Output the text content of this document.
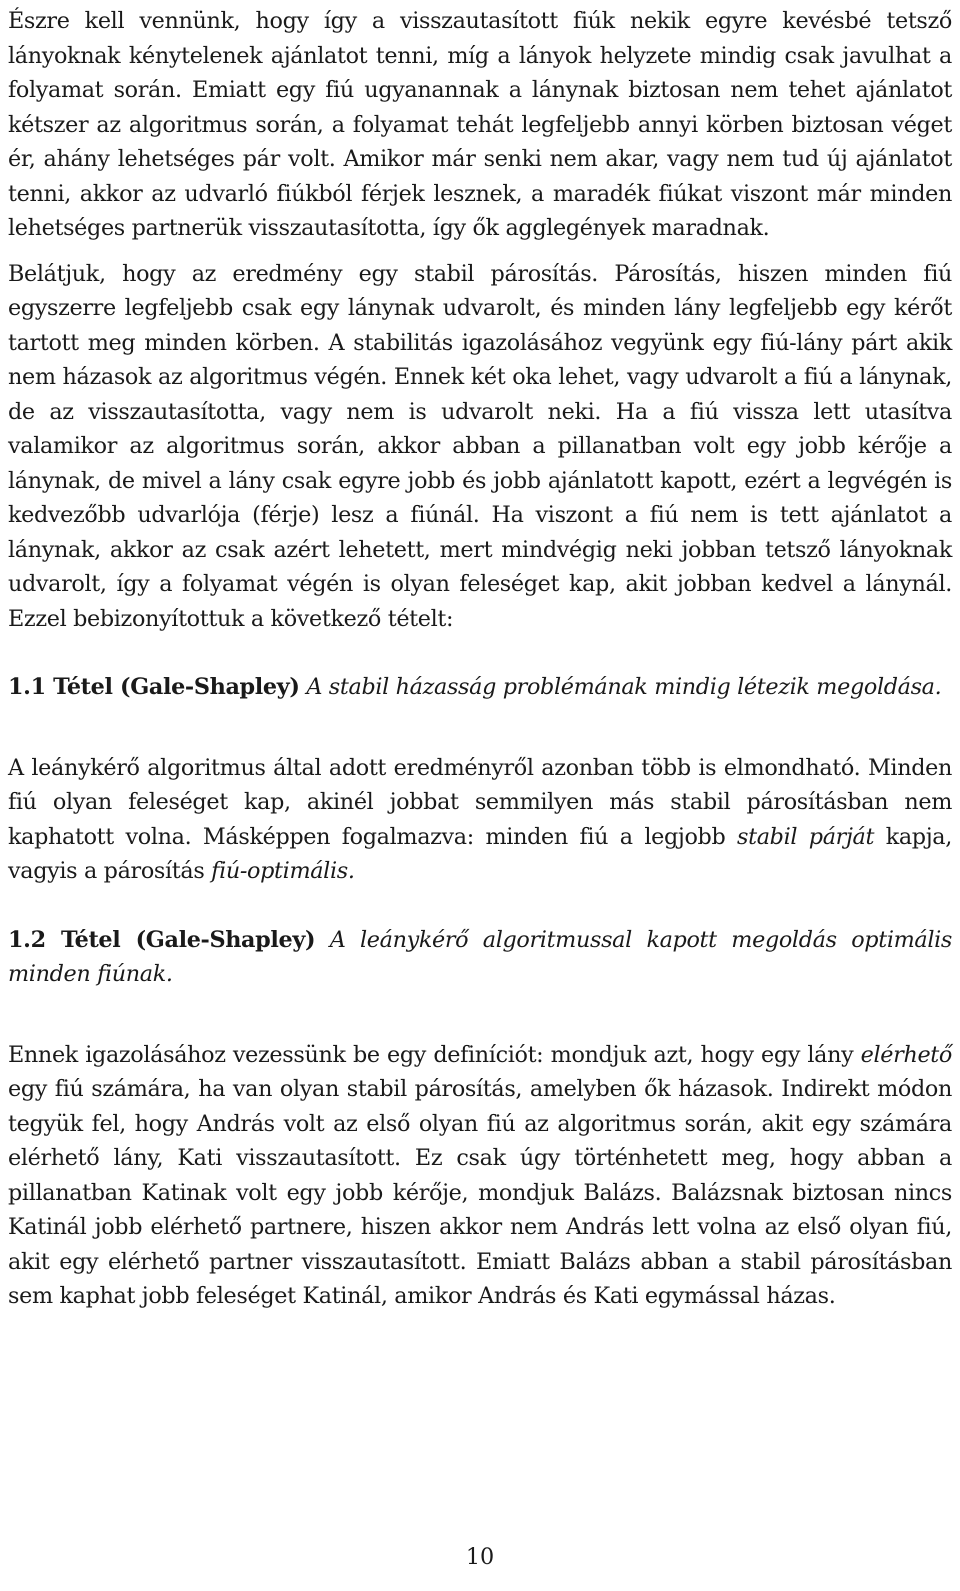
Észre kell vennünk, hogy így a visszautasított fiúk nekik egyre kevésbé tetsző lányoknak kénytelenek ajánlatot tenni, míg a lányok helyzete mindig csak javulhat a folyamat során. Emiatt egy fiú ugyanannak a lánynak biztosan nem tehet ajánlatot kétszer az algoritmus során, a folyamat tehát legfeljebb annyi körben biztosan véget ér, ahány lehetséges pár volt. Amikor már senki nem akar, vagy nem tud új ajánlatot tenni, akkor az udvarló fiúkból férjek lesznek, a maradék fiúkat viszont már minden lehetséges partnerük visszautasította, így ők agglegények maradnak.

Belátjuk, hogy az eredmény egy stabil párosítás. Párosítás, hiszen minden fiú egyszerre legfeljebb csak egy lánynak udvarolt, és minden lány legfeljebb egy kérőt tartott meg minden körben. A stabilitás igazolásához vegyünk egy fiú-lány párt akik nem házasok az algoritmus végén. Ennek két oka lehet, vagy udvarolt a fiú a lánynak, de az visszautasította, vagy nem is udvarolt neki. Ha a fiú vissza lett utasítva valamikor az algoritmus során, akkor abban a pillanatban volt egy jobb kérője a lánynak, de mivel a lány csak egyre jobb és jobb ajánlatott kapott, ezért a legvégén is kedvezőbb udvarlója (férje) lesz a fiúnál. Ha viszont a fiú nem is tett ajánlatot a lánynak, akkor az csak azért lehetett, mert mindvégig neki jobban tetsző lányoknak udvarolt, így a folyamat végén is olyan feleséget kap, akit jobban kedvel a lánynál. Ezzel bebizonyítottuk a következő tételt:

1.1 Tétel (Gale-Shapley) A stabil házasság problémának mindig létezik megoldása.

A leánykérő algoritmus által adott eredményről azonban több is elmondható. Minden fiú olyan feleséget kap, akinél jobbat semmilyen más stabil párosításban nem kaphatott volna. Másképpen fogalmazva: minden fiú a legjobb stabil párját kapja, vagyis a párosítás fiú-optimális.

1.2 Tétel (Gale-Shapley) A leánykérő algoritmussal kapott megoldás optimális minden fiúnak.

Ennek igazolásához vezessünk be egy definíciót: mondjuk azt, hogy egy lány elérhető egy fiú számára, ha van olyan stabil párosítás, amelyben ők házasok. Indirekt módon tegyük fel, hogy András volt az első olyan fiú az algoritmus során, akit egy számára elérhető lány, Kati visszautasított. Ez csak úgy történhetett meg, hogy abban a pillanatban Katinak volt egy jobb kérője, mondjuk Balázs. Balázsnak biztosan nincs Katinál jobb elérhető partnere, hiszen akkor nem András lett volna az első olyan fiú, akit egy elérhető partner visszautasított. Emiatt Balázs abban a stabil párosításban sem kaphat jobb feleséget Katinál, amikor András és Kati egymással házas.

10
